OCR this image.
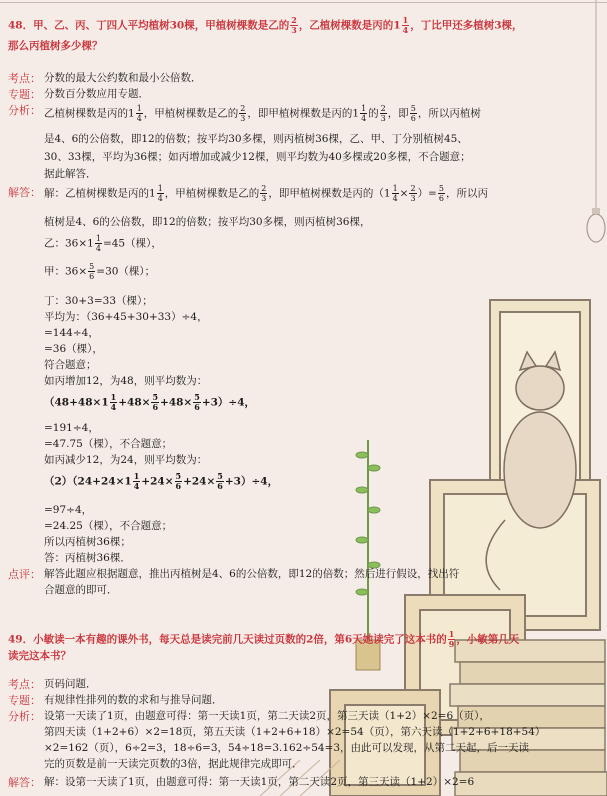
48．甲、乙、丙、丁四人平均植树30棵，甲植树棵数是乙的 $\frac{2}{3}$ ，乙植树棵数是丙的$1 \frac{1}{4}$ ，丁比甲还多植树3棵，
那么丙植树多少棵？
考点： 分数的最大公约数和最小公倍数．
专题： 分数百分数应用专题．
分析： 乙植树棵数是丙的$1 \frac{1}{4}$ ，甲植树棵数是乙的 $\frac{2}{3}$ ，即甲植树棵数是丙的$1 \frac{1}{4}$ 的 $\frac{2}{3}$ ，即 $\frac{5}{6}$ ，所以丙植树
是4、6的公倍数，即12的倍数；按平均30多棵，则丙植树36棵，乙、甲、丁分别植树45、
30、33棵，平均为36棵；如丙增加或减少12棵，则平均数为40多棵或20多棵，不合题意；
据此解答．
解答： 解：乙植树棵数是丙的$1 \frac{1}{4}$ ，甲植树棵数是乙的 $\frac{2}{3}$ ，即甲植树棵数是丙的（$1 \frac{1}{4} \times \frac{2}{3}$ ）= $\frac{5}{6}$ ，所以丙
植树是4、6的公倍数，即12的倍数；按平均30多棵，则丙植树36棵，
乙：$36\times 1 \frac{1}{4} =45$（棵），
甲：$36\times \frac{5}{6} =30$（棵）；
丁：30+3=33（棵）；
平均为：（36+45+30+33）÷4，
=144÷4，
=36（棵），
符合题意；
如丙增加12，为48，则平均数为：
$(48+48\times 1 \frac{1}{4} +48\times \frac{5}{6} +48\times \frac{5}{6} +3)\div 4$，
=191÷4，
=47.75（棵），不合题意；
如丙减少12，为24，则平均数为：
$(2)(24+24\times 1 \frac{1}{4} +24\times \frac{5}{6} +24\times \frac{5}{6} +3)\div 4$，
=97÷4，
=24.25（棵），不合题意；
所以丙植树36棵；
答：丙植树36棵．
点评： 解答此题应根据题意，推出丙植树是4、6的公倍数，即12的倍数；然后进行假设，找出符
合题意的即可．
49．小敏读一本有趣的课外书，每天总是读完前几天读过页数的2倍，第6天她读完了这本书的 $\frac{1}{9}$ ，小敏第几天
读完这本书？
考点： 页码问题．
专题： 有规律性排列的数的求和与推导问题．
分析： 设第一天读了1页，由题意可得：第一天读1页，第二天读2页，第三天读（1+2）×2=6（页），
第四天读（1+2+6）×2=18页，第五天读（1+2+6+18）×2=54（页），第六天读（1+2+6+18+54）
×2=162（页），6÷2=3，18÷6=3，54÷18=3.162÷54=3，由此可以发现，从第二天起，后一天读
完的页数是前一天读完页数的3倍，据此规律完成即可．
解答： 解：设第一天读了1页，由题意可得：第一天读1页，第二天读2页，第三天读（1+2）×2=6
